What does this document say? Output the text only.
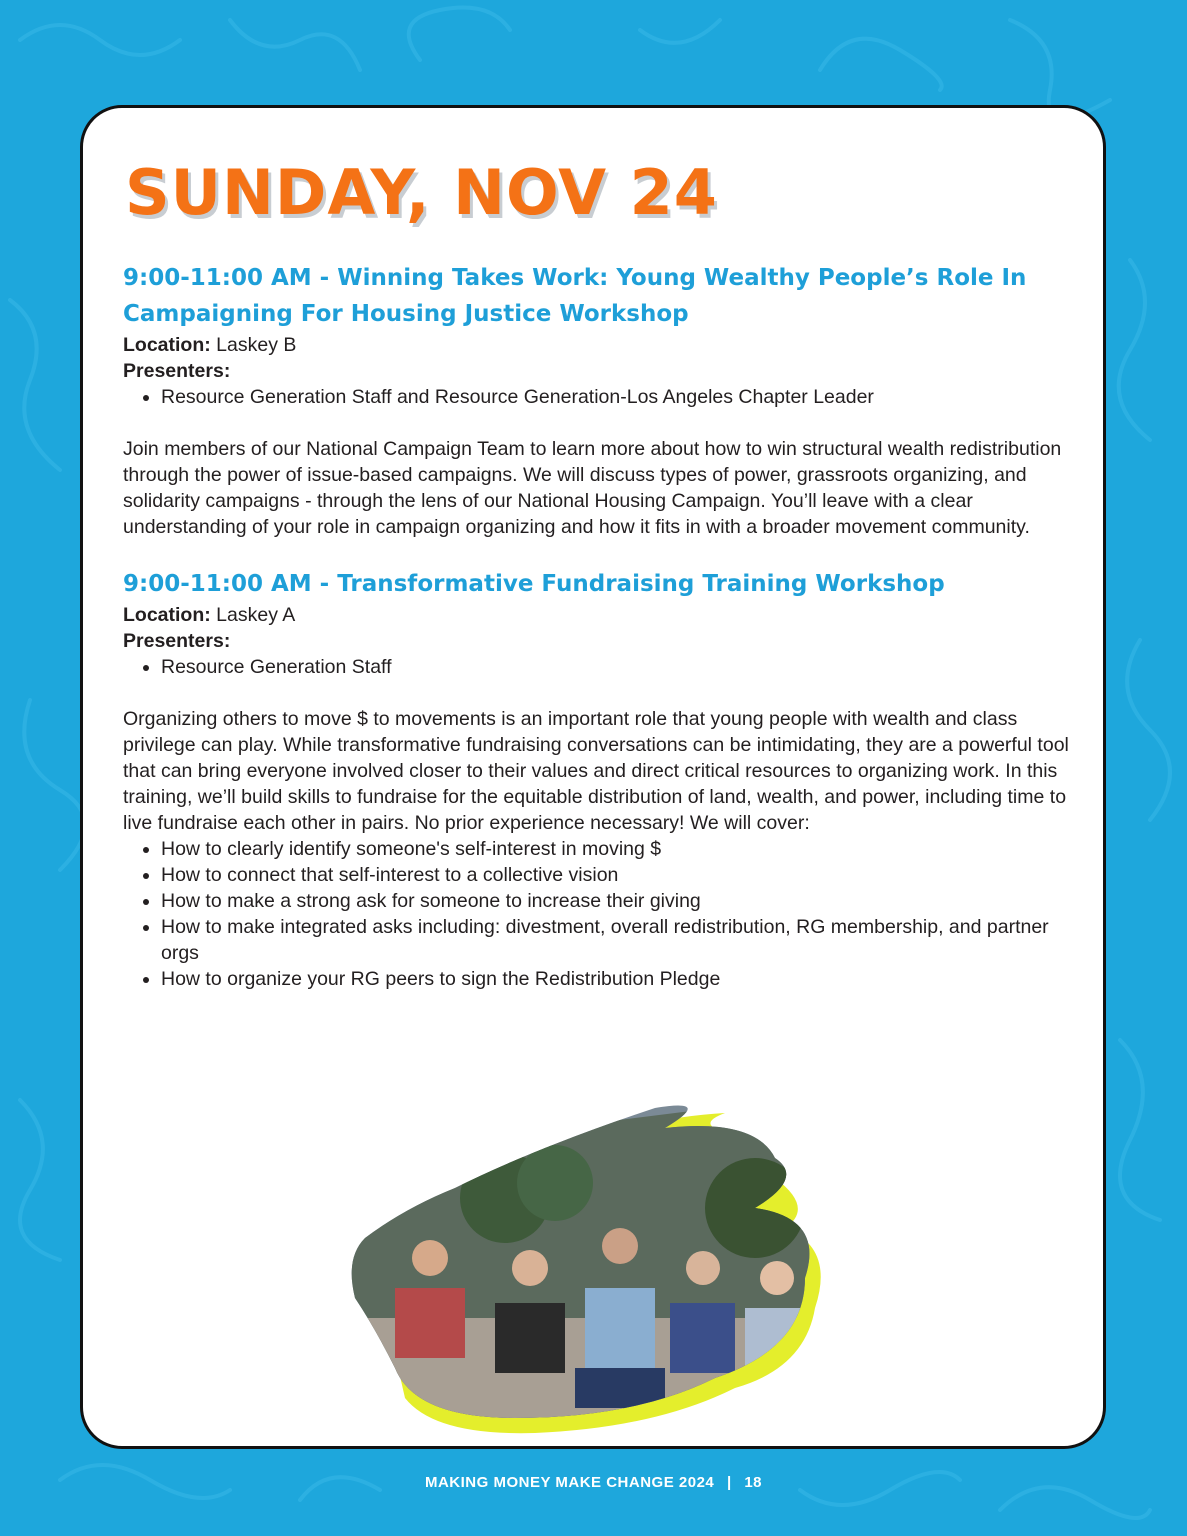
SUNDAY, NOV 24

9:00-11:00 AM - Winning Takes Work: Young Wealthy People’s Role In
Campaigning For Housing Justice Workshop

Location: Laskey B

Presenters:

• Resource Generation Staff and Resource Generation-Los Angeles Chapter Leader

Join members of our National Campaign Team to learn more about how to win structural wealth redistribution through the power of issue-based campaigns. We will discuss types of power, grassroots organizing, and solidarity campaigns - through the lens of our National Housing Campaign. You’ll leave with a clear understanding of your role in campaign organizing and how it fits in with a broader movement community.

9:00-11:00 AM - Transformative Fundraising Training Workshop

Location: Laskey A

Presenters:

• Resource Generation Staff

Organizing others to move $ to movements is an important role that young people with wealth and class privilege can play. While transformative fundraising conversations can be intimidating, they are a powerful tool that can bring everyone involved closer to their values and direct critical resources to organizing work. In this training, we’ll build skills to fundraise for the equitable distribution of land, wealth, and power, including time to live fundraise each other in pairs. No prior experience necessary! We will cover:

• How to clearly identify someone's self-interest in moving $
• How to connect that self-interest to a collective vision
• How to make a strong ask for someone to increase their giving
• How to make integrated asks including: divestment, overall redistribution, RG membership, and partner orgs
• How to organize your RG peers to sign the Redistribution Pledge
MAKING MONEY MAKE CHANGE 2024 | 18
